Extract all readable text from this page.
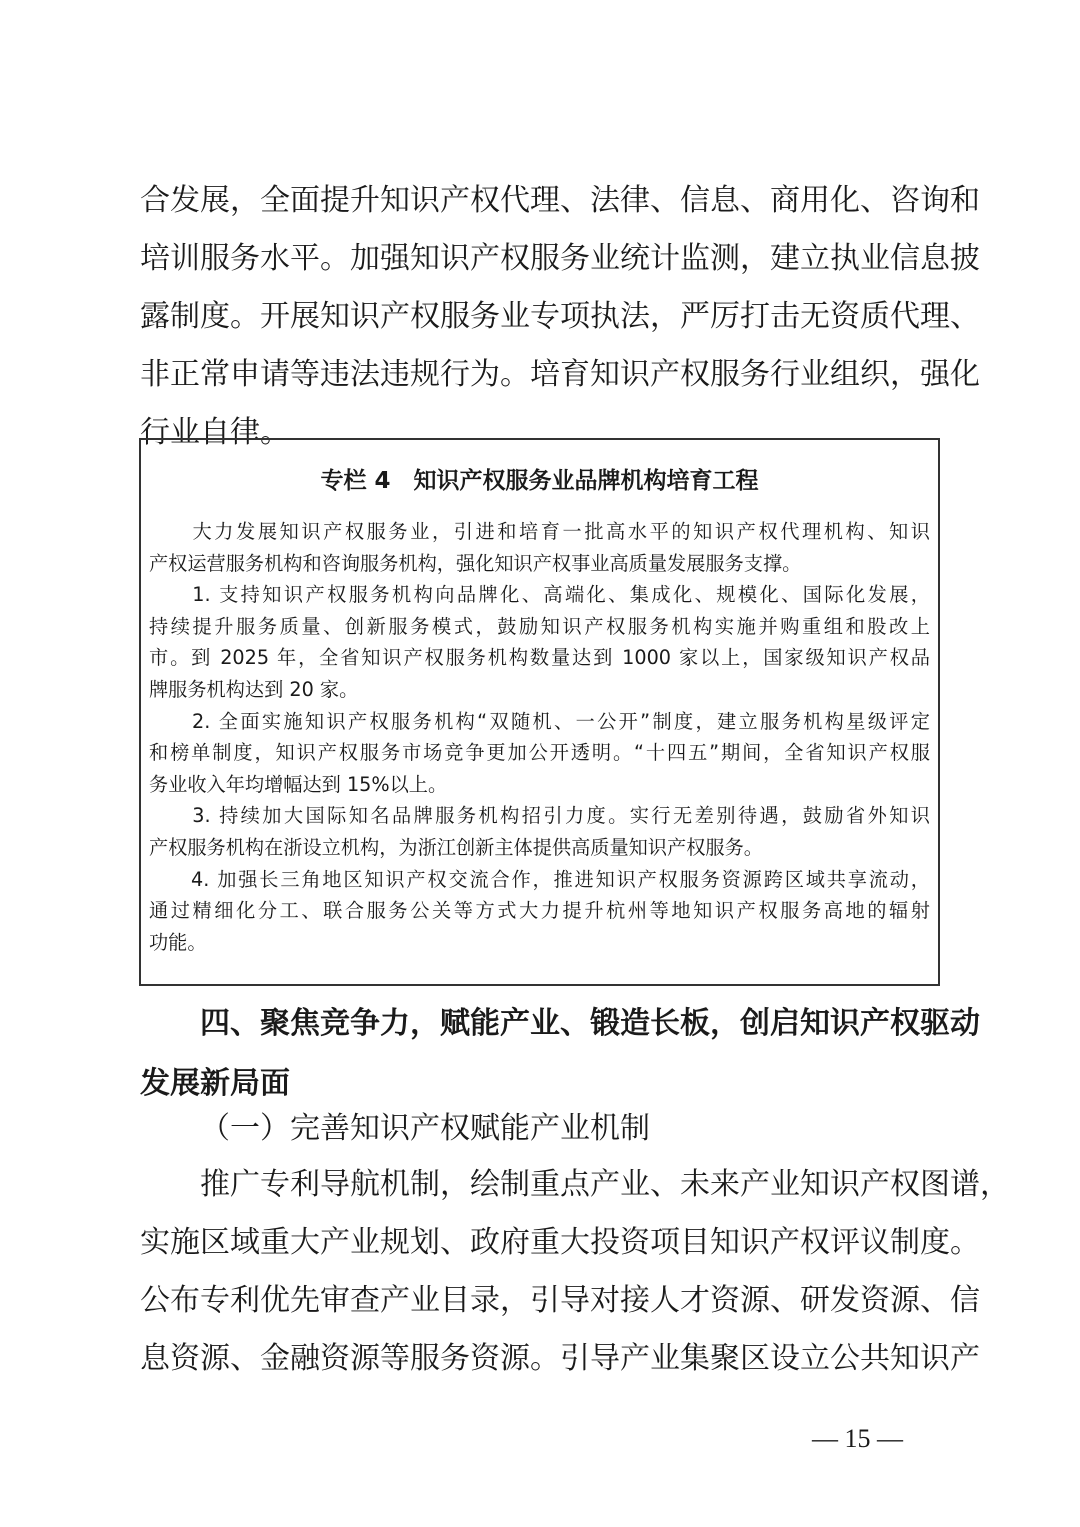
合发展，全面提升知识产权代理、法律、信息、商用化、咨询和
培训服务水平。加强知识产权服务业统计监测，建立执业信息披
露制度。开展知识产权服务业专项执法，严厉打击无资质代理、
非正常申请等违法违规行为。培育知识产权服务行业组织，强化
行业自律。
专栏 4　知识产权服务业品牌机构培育工程
　　大力发展知识产权服务业，引进和培育一批高水平的知识产权代理机构、知识
产权运营服务机构和咨询服务机构，强化知识产权事业高质量发展服务支撑。
　　1. 支持知识产权服务机构向品牌化、高端化、集成化、规模化、国际化发展，
持续提升服务质量、创新服务模式，鼓励知识产权服务机构实施并购重组和股改上
市。到 2025 年，全省知识产权服务机构数量达到 1000 家以上，国家级知识产权品
牌服务机构达到 20 家。
　　2. 全面实施知识产权服务机构“双随机、一公开”制度，建立服务机构星级评定
和榜单制度，知识产权服务市场竞争更加公开透明。“十四五”期间，全省知识产权服
务业收入年均增幅达到 15%以上。
　　3. 持续加大国际知名品牌服务机构招引力度。实行无差别待遇，鼓励省外知识
产权服务机构在浙设立机构，为浙江创新主体提供高质量知识产权服务。
　　4. 加强长三角地区知识产权交流合作，推进知识产权服务资源跨区域共享流动，
通过精细化分工、联合服务公关等方式大力提升杭州等地知识产权服务高地的辐射
功能。
　　四、聚焦竞争力，赋能产业、锻造长板，创启知识产权驱动
发展新局面
（一）完善知识产权赋能产业机制
　　推广专利导航机制，绘制重点产业、未来产业知识产权图谱，
实施区域重大产业规划、政府重大投资项目知识产权评议制度。
公布专利优先审查产业目录，引导对接人才资源、研发资源、信
息资源、金融资源等服务资源。引导产业集聚区设立公共知识产
— 15 —
